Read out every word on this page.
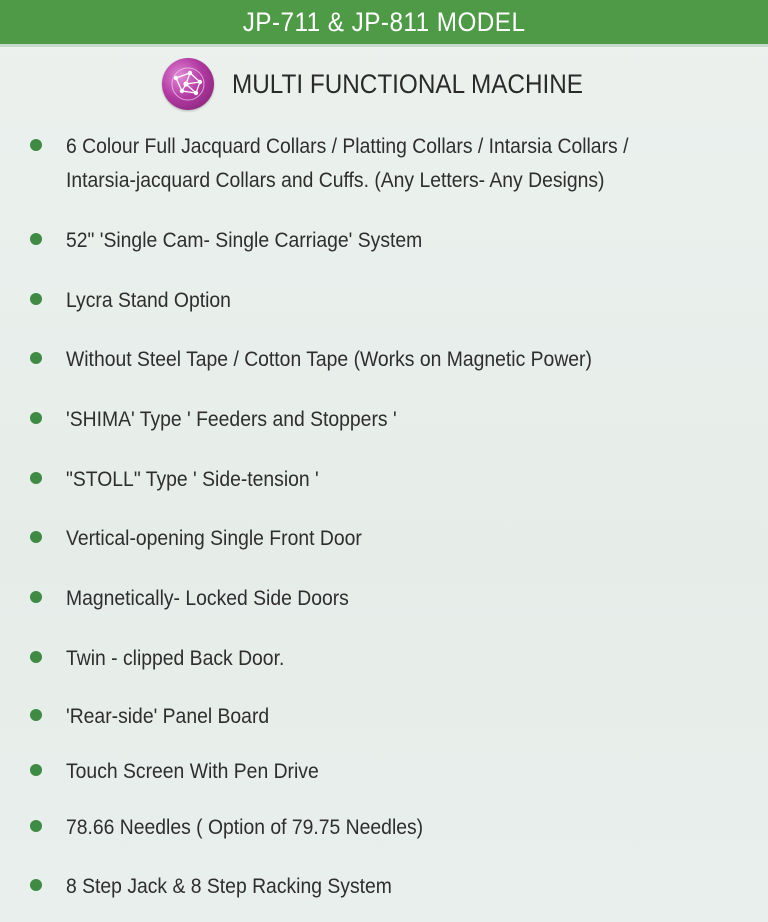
JP-711 & JP-811 MODEL
MULTI FUNCTIONAL MACHINE
6 Colour Full Jacquard Collars / Platting Collars / Intarsia Collars /
Intarsia-jacquard Collars and Cuffs. (Any Letters- Any Designs)
52" 'Single Cam- Single Carriage' System
Lycra Stand Option
Without Steel Tape / Cotton Tape (Works on Magnetic Power)
'SHIMA' Type ' Feeders and Stoppers '
"STOLL" Type ' Side-tension '
Vertical-opening Single Front Door
Magnetically- Locked Side Doors
Twin - clipped Back Door.
'Rear-side' Panel Board
Touch Screen With Pen Drive
78.66 Needles ( Option of 79.75 Needles)
8 Step Jack & 8 Step Racking System
